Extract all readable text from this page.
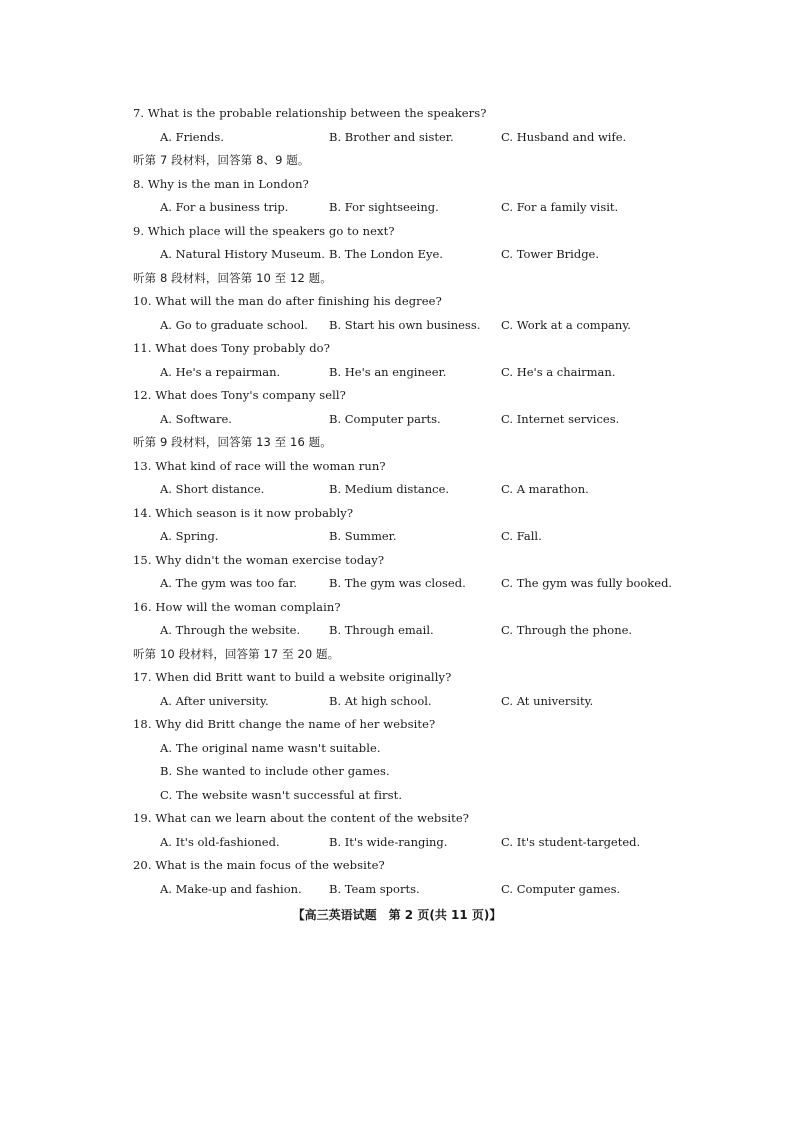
7. What is the probable relationship between the speakers?
A. Friends.	B. Brother and sister.	C. Husband and wife.
听第 7 段材料，回答第 8、9 题。
8. Why is the man in London?
A. For a business trip.	B. For sightseeing.	C. For a family visit.
9. Which place will the speakers go to next?
A. Natural History Museum. B. The London Eye.	C. Tower Bridge.
听第 8 段材料，回答第 10 至 12 题。
10. What will the man do after finishing his degree?
A. Go to graduate school. B. Start his own business. C. Work at a company.
11. What does Tony probably do?
A. He's a repairman.	B. He's an engineer.	C. He's a chairman.
12. What does Tony's company sell?
A. Software.	B. Computer parts.	C. Internet services.
听第 9 段材料，回答第 13 至 16 题。
13. What kind of race will the woman run?
A. Short distance.	B. Medium distance.	C. A marathon.
14. Which season is it now probably?
A. Spring.	B. Summer.	C. Fall.
15. Why didn't the woman exercise today?
A. The gym was too far.	B. The gym was closed.	C. The gym was fully booked.
16. How will the woman complain?
A. Through the website.	B. Through email.	C. Through the phone.
听第 10 段材料，回答第 17 至 20 题。
17. When did Britt want to build a website originally?
A. After university.	B. At high school.	C. At university.
18. Why did Britt change the name of her website?
A. The original name wasn't suitable.
B. She wanted to include other games.
C. The website wasn't successful at first.
19. What can we learn about the content of the website?
A. It's old-fashioned.	B. It's wide-ranging.	C. It's student-targeted.
20. What is the main focus of the website?
A. Make-up and fashion. B. Team sports.	C. Computer games.
【高三英语试题　第 2 页(共 11 页)】
